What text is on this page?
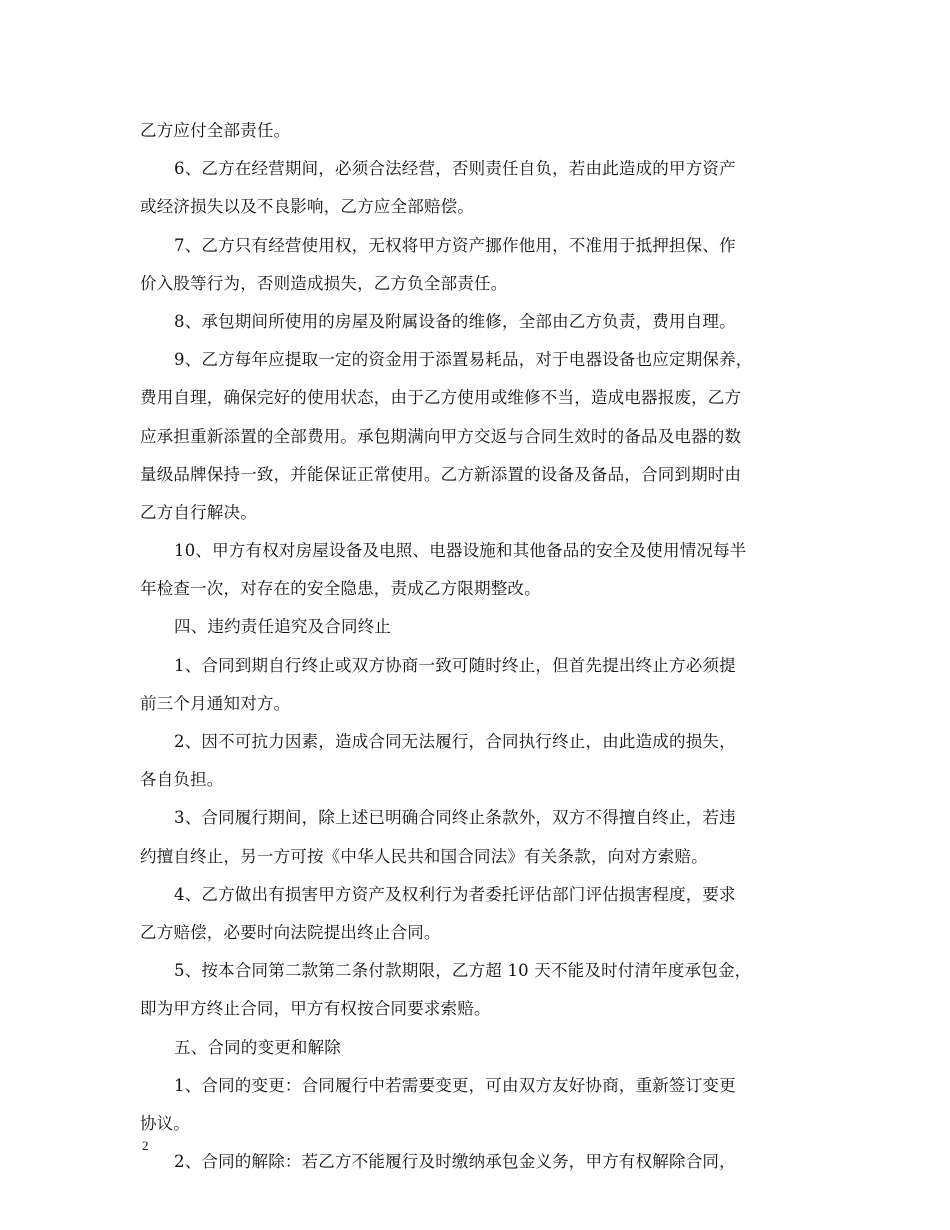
乙方应付全部责任。
6、乙方在经营期间，必须合法经营，否则责任自负，若由此造成的甲方资产
或经济损失以及不良影响，乙方应全部赔偿。
7、乙方只有经营使用权，无权将甲方资产挪作他用，不准用于抵押担保、作
价入股等行为，否则造成损失，乙方负全部责任。
8、承包期间所使用的房屋及附属设备的维修，全部由乙方负责，费用自理。
9、乙方每年应提取一定的资金用于添置易耗品，对于电器设备也应定期保养，
费用自理，确保完好的使用状态，由于乙方使用或维修不当，造成电器报废，乙方
应承担重新添置的全部费用。承包期满向甲方交返与合同生效时的备品及电器的数
量级品牌保持一致，并能保证正常使用。乙方新添置的设备及备品，合同到期时由
乙方自行解决。
10、甲方有权对房屋设备及电照、电器设施和其他备品的安全及使用情况每半
年检查一次，对存在的安全隐患，责成乙方限期整改。
四、违约责任追究及合同终止
1、合同到期自行终止或双方协商一致可随时终止，但首先提出终止方必须提
前三个月通知对方。
2、因不可抗力因素，造成合同无法履行，合同执行终止，由此造成的损失，
各自负担。
3、合同履行期间，除上述已明确合同终止条款外，双方不得擅自终止，若违
约擅自终止，另一方可按《中华人民共和国合同法》有关条款，向对方索赔。
4、乙方做出有损害甲方资产及权利行为者委托评估部门评估损害程度，要求
乙方赔偿，必要时向法院提出终止合同。
5、按本合同第二款第二条付款期限，乙方超 10 天不能及时付清年度承包金，
即为甲方终止合同，甲方有权按合同要求索赔。
五、合同的变更和解除
1、合同的变更：合同履行中若需要变更，可由双方友好协商，重新签订变更
协议。
2、合同的解除：若乙方不能履行及时缴纳承包金义务，甲方有权解除合同，
2
